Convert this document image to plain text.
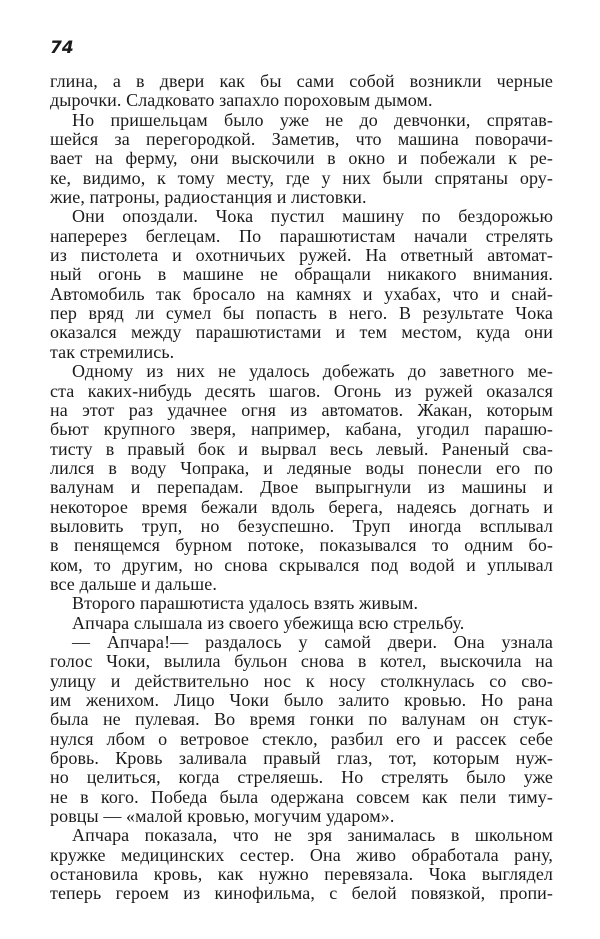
74
глина, а в двери как бы сами собой возникли черные
дырочки. Сладковато запахло пороховым дымом.
Но пришельцам было уже не до девчонки, спрятав-
шейся за перегородкой. Заметив, что машина поворачи-
вает на ферму, они выскочили в окно и побежали к ре-
ке, видимо, к тому месту, где у них были спрятаны ору-
жие, патроны, радиостанция и листовки.
Они опоздали. Чока пустил машину по бездорожью
наперерез беглецам. По парашютистам начали стрелять
из пистолета и охотничьих ружей. На ответный автомат-
ный огонь в машине не обращали никакого внимания.
Автомобиль так бросало на камнях и ухабах, что и снай-
пер вряд ли сумел бы попасть в него. В результате Чока
оказался между парашютистами и тем местом, куда они
так стремились.
Одному из них не удалось добежать до заветного ме-
ста каких-нибудь десять шагов. Огонь из ружей оказался
на этот раз удачнее огня из автоматов. Жакан, которым
бьют крупного зверя, например, кабана, угодил парашю-
тисту в правый бок и вырвал весь левый. Раненый сва-
лился в воду Чопрака, и ледяные воды понесли его по
валунам и перепадам. Двое выпрыгнули из машины и
некоторое время бежали вдоль берега, надеясь догнать и
выловить труп, но безуспешно. Труп иногда всплывал
в пенящемся бурном потоке, показывался то одним бо-
ком, то другим, но снова скрывался под водой и уплывал
все дальше и дальше.
Второго парашютиста удалось взять живым.
Апчара слышала из своего убежища всю стрельбу.
— Апчара!— раздалось у самой двери. Она узнала
голос Чоки, вылила бульон снова в котел, выскочила на
улицу и действительно нос к носу столкнулась со сво-
им женихом. Лицо Чоки было залито кровью. Но рана
была не пулевая. Во время гонки по валунам он стук-
нулся лбом о ветровое стекло, разбил его и рассек себе
бровь. Кровь заливала правый глаз, тот, которым нуж-
но целиться, когда стреляешь. Но стрелять было уже
не в кого. Победа была одержана совсем как пели тиму-
ровцы — «малой кровью, могучим ударом».
Апчара показала, что не зря занималась в школьном
кружке медицинских сестер. Она живо обработала рану,
остановила кровь, как нужно перевязала. Чока выглядел
теперь героем из кинофильма, с белой повязкой, пропи-
